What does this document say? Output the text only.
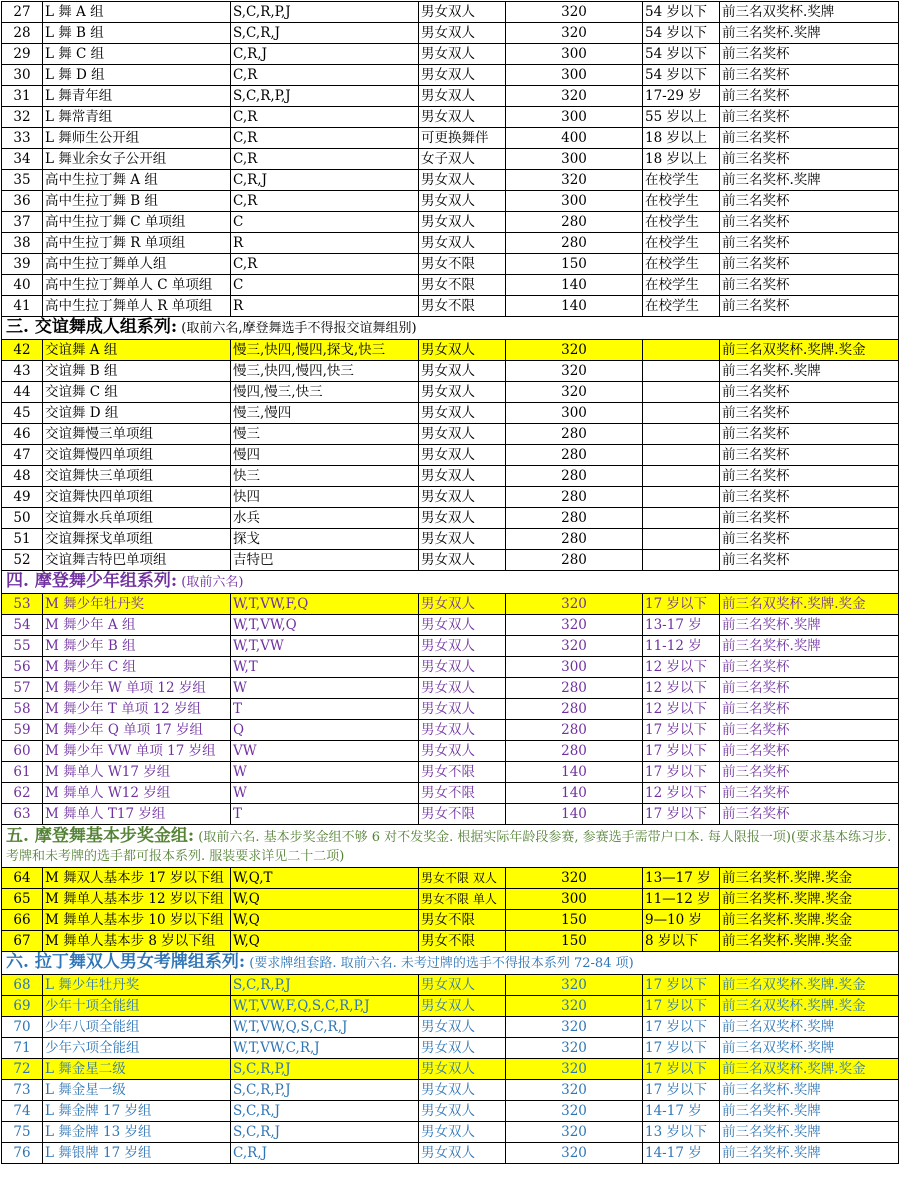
27	L 舞 A 组	S,C,R,P,J	男女双人	320	54 岁以下	前三名双奖杯.奖牌
28	L 舞 B 组	S,C,R,J	男女双人	320	54 岁以下	前三名奖杯.奖牌
29	L 舞 C 组	C,R,J	男女双人	300	54 岁以下	前三名奖杯
30	L 舞 D 组	C,R	男女双人	300	54 岁以下	前三名奖杯
31	L 舞青年组	S,C,R,P,J	男女双人	320	17-29 岁	前三名奖杯
32	L 舞常青组	C,R	男女双人	300	55 岁以上	前三名奖杯
33	L 舞师生公开组	C,R	可更换舞伴	400	18 岁以上	前三名奖杯
34	L 舞业余女子公开组	C,R	女子双人	300	18 岁以上	前三名奖杯
35	高中生拉丁舞 A 组	C,R,J	男女双人	320	在校学生	前三名奖杯.奖牌
36	高中生拉丁舞 B 组	C,R	男女双人	300	在校学生	前三名奖杯
37	高中生拉丁舞 C 单项组	C	男女双人	280	在校学生	前三名奖杯
38	高中生拉丁舞 R 单项组	R	男女双人	280	在校学生	前三名奖杯
39	高中生拉丁舞单人组	C,R	男女不限	150	在校学生	前三名奖杯
40	高中生拉丁舞单人 C 单项组	C	男女不限	140	在校学生	前三名奖杯
41	高中生拉丁舞单人 R 单项组	R	男女不限	140	在校学生	前三名奖杯
三. 交谊舞成人组系列: (取前六名,摩登舞选手不得报交谊舞组别)						
42	交谊舞 A 组	慢三,快四,慢四,探戈,快三	男女双人	320		前三名双奖杯.奖牌.奖金
43	交谊舞 B 组	慢三,快四,慢四,快三	男女双人	320		前三名奖杯.奖牌
44	交谊舞 C 组	慢四,慢三,快三	男女双人	320		前三名奖杯
45	交谊舞 D 组	慢三,慢四	男女双人	300		前三名奖杯
46	交谊舞慢三单项组	慢三	男女双人	280		前三名奖杯
47	交谊舞慢四单项组	慢四	男女双人	280		前三名奖杯
48	交谊舞快三单项组	快三	男女双人	280		前三名奖杯
49	交谊舞快四单项组	快四	男女双人	280		前三名奖杯
50	交谊舞水兵单项组	水兵	男女双人	280		前三名奖杯
51	交谊舞探戈单项组	探戈	男女双人	280		前三名奖杯
52	交谊舞吉特巴单项组	吉特巴	男女双人	280		前三名奖杯
四. 摩登舞少年组系列: (取前六名)						
53	M 舞少年牡丹奖	W,T,VW,F,Q	男女双人	320	17 岁以下	前三名双奖杯.奖牌.奖金
54	M 舞少年 A 组	W,T,VW,Q	男女双人	320	13-17 岁	前三名奖杯.奖牌
55	M 舞少年 B 组	W,T,VW	男女双人	320	11-12 岁	前三名奖杯.奖牌
56	M 舞少年 C 组	W,T	男女双人	300	12 岁以下	前三名奖杯
57	M 舞少年 W 单项 12 岁组	W	男女双人	280	12 岁以下	前三名奖杯
58	M 舞少年 T 单项 12 岁组	T	男女双人	280	12 岁以下	前三名奖杯
59	M 舞少年 Q 单项 17 岁组	Q	男女双人	280	17 岁以下	前三名奖杯
60	M 舞少年 VW 单项 17 岁组	VW	男女双人	280	17 岁以下	前三名奖杯
61	M 舞单人 W17 岁组	W	男女不限	140	17 岁以下	前三名奖杯
62	M 舞单人 W12 岁组	W	男女不限	140	12 岁以下	前三名奖杯
63	M 舞单人 T17 岁组	T	男女不限	140	17 岁以下	前三名奖杯
五. 摩登舞基本步奖金组: (取前六名. 基本步奖金组不够 6 对不发奖金. 根据实际年龄段参赛, 参赛选手需带户口本. 每人限报一项)(要求基本练习步. 考牌和未考牌的选手都可报本系列. 服装要求详见二十二项)						
64	M 舞双人基本步 17 岁以下组	W,Q,T	男女不限 双人	320	13—17 岁	前三名奖杯.奖牌.奖金
65	M 舞单人基本步 12 岁以下组	W,Q	男女不限 单人	300	11—12 岁	前三名奖杯.奖牌.奖金
66	M 舞单人基本步 10 岁以下组	W,Q	男女不限	150	9—10 岁	前三名奖杯.奖牌.奖金
67	M 舞单人基本步 8 岁以下组	W,Q	男女不限	150	8 岁以下	前三名奖杯.奖牌.奖金
六. 拉丁舞双人男女考牌组系列: (要求牌组套路. 取前六名. 未考过牌的选手不得报本系列 72-84 项)						
68	L 舞少年牡丹奖	S,C,R,P,J	男女双人	320	17 岁以下	前三名双奖杯.奖牌.奖金
69	少年十项全能组	W,T,VW,F,Q,S,C,R,P,J	男女双人	320	17 岁以下	前三名双奖杯.奖牌.奖金
70	少年八项全能组	W,T,VW,Q,S,C,R,J	男女双人	320	17 岁以下	前三名双奖杯.奖牌
71	少年六项全能组	W,T,VW,C,R,J	男女双人	320	17 岁以下	前三名双奖杯.奖牌
72	L 舞金星二级	S,C,R,P,J	男女双人	320	17 岁以下	前三名双奖杯.奖牌.奖金
73	L 舞金星一级	S,C,R,P,J	男女双人	320	17 岁以下	前三名奖杯.奖牌
74	L 舞金牌 17 岁组	S,C,R,J	男女双人	320	14-17 岁	前三名奖杯.奖牌
75	L 舞金牌 13 岁组	S,C,R,J	男女双人	320	13 岁以下	前三名奖杯.奖牌
76	L 舞银牌 17 岁组	C,R,J	男女双人	320	14-17 岁	前三名奖杯.奖牌
